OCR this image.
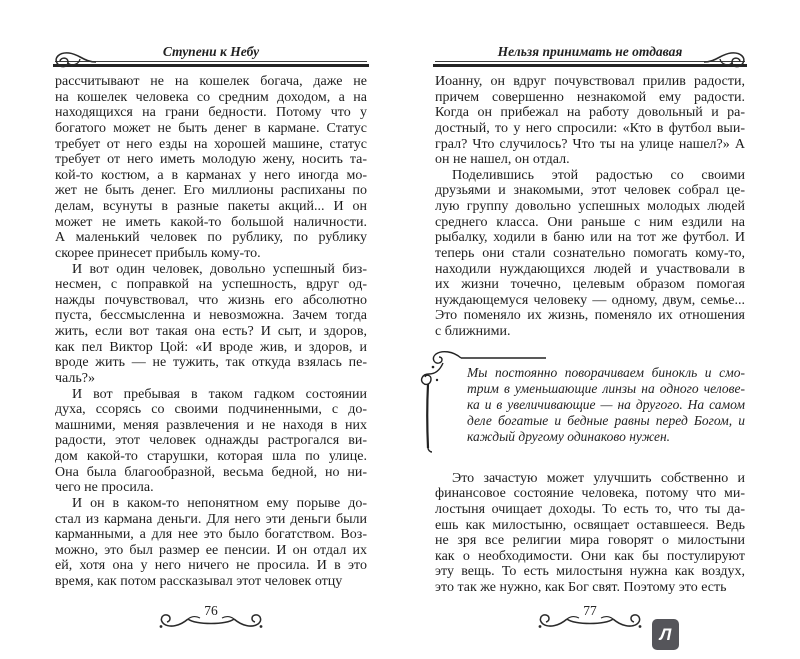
Ступени к Небу
рассчитывают не на кошелек богача, даже не
на кошелек человека со средним доходом, а на
находящихся на грани бедности. Потому что у
богатого может не быть денег в кармане. Статус
требует от него езды на хорошей машине, статус
требует от него иметь молодую жену, носить та-
кой-то костюм, а в карманах у него иногда мо-
жет не быть денег. Его миллионы распиханы по
делам, всунуты в разные пакеты акций... И он
может не иметь какой-то большой наличности.
А маленький человек по рублику, по рублику
скорее принесет прибыль кому-то.
И вот один человек, довольно успешный биз-
несмен, с поправкой на успешность, вдруг од-
нажды почувствовал, что жизнь его абсолютно
пуста, бессмысленна и невозможна. Зачем тогда
жить, если вот такая она есть? И сыт, и здоров,
как пел Виктор Цой: «И вроде жив, и здоров, и
вроде жить — не тужить, так откуда взялась пе-
чаль?»
И вот пребывая в таком гадком состоянии
духа, ссорясь со своими подчиненными, с до-
машними, меняя развлечения и не находя в них
радости, этот человек однажды растрогался ви-
дом какой-то старушки, которая шла по улице.
Она была благообразной, весьма бедной, но ни-
чего не просила.
И он в каком-то непонятном ему порыве до-
стал из кармана деньги. Для него эти деньги были
карманными, а для нее это было богатством. Воз-
можно, это был размер ее пенсии. И он отдал их
ей, хотя она у него ничего не просила. И в это
время, как потом рассказывал этот человек отцу
76
Нельзя принимать не отдавая
Иоанну, он вдруг почувствовал прилив радости,
причем совершенно незнакомой ему радости.
Когда он прибежал на работу довольный и ра-
достный, то у него спросили: «Кто в футбол выи-
грал? Что случилось? Что ты на улице нашел?» А
он не нашел, он отдал.
Поделившись этой радостью со своими
друзьями и знакомыми, этот человек собрал це-
лую группу довольно успешных молодых людей
среднего класса. Они раньше с ним ездили на
рыбалку, ходили в баню или на тот же футбол. И
теперь они стали сознательно помогать кому-то,
находили нуждающихся людей и участвовали в
их жизни точечно, целевым образом помогая
нуждающемуся человеку — одному, двум, семье...
Это поменяло их жизнь, поменяло их отношения
с ближними.
Мы постоянно поворачиваем бинокль и смо-
трим в уменьшающие линзы на одного челове-
ка и в увеличивающие — на другого. На самом
деле богатые и бедные равны перед Богом, и
каждый другому одинаково нужен.
Это зачастую может улучшить собственно и
финансовое состояние человека, потому что ми-
лостыня очищает доходы. То есть то, что ты да-
ешь как милостыню, освящает оставшееся. Ведь
не зря все религии мира говорят о милостыни
как о необходимости. Они как бы постулируют
эту вещь. То есть милостыня нужна как воздух,
это так же нужно, как Бог свят. Поэтому это есть
77
Л
